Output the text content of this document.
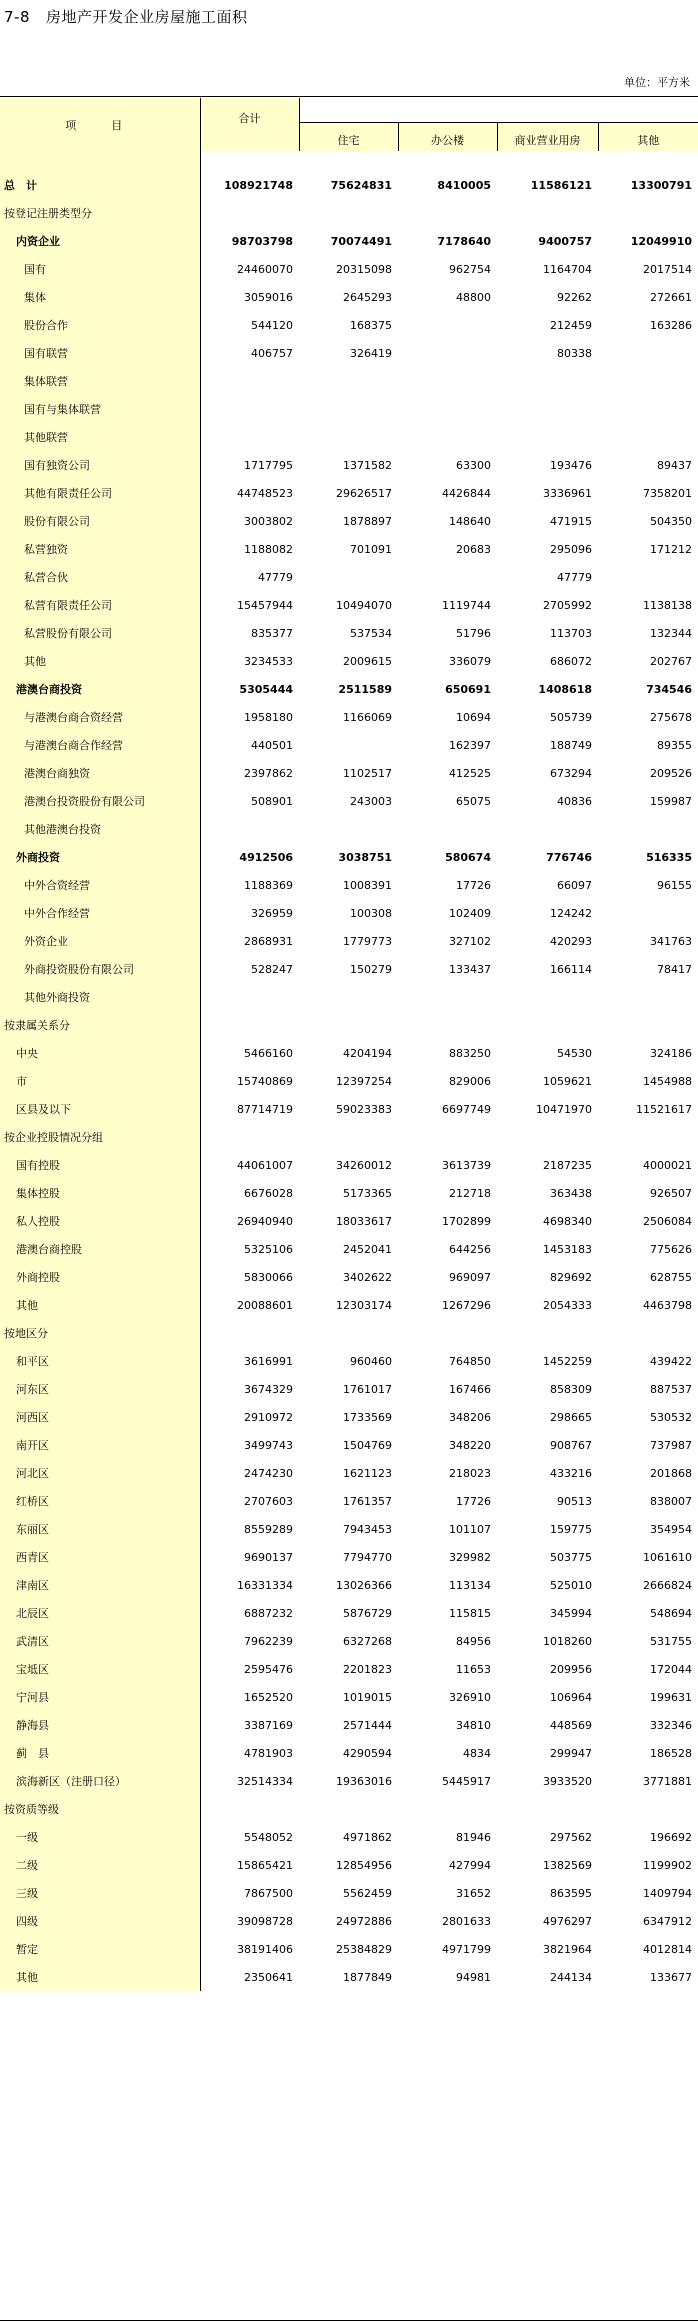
7-8 房地产开发企业房屋施工面积
单位：平方米
项　目	合计				
		住宅	办公楼	商业营业用房	其他

总　计	108921748	75624831	8410005	11586121	13300791
按登记注册类型分					
内资企业	98703798	70074491	7178640	9400757	12049910
国有	24460070	20315098	962754	1164704	2017514
集体	3059016	2645293	48800	92262	272661
股份合作	544120	168375		212459	163286
国有联营	406757	326419		80338	
集体联营					
国有与集体联营					
其他联营					
国有独资公司	1717795	1371582	63300	193476	89437
其他有限责任公司	44748523	29626517	4426844	3336961	7358201
股份有限公司	3003802	1878897	148640	471915	504350
私营独资	1188082	701091	20683	295096	171212
私营合伙	47779			47779	
私营有限责任公司	15457944	10494070	1119744	2705992	1138138
私营股份有限公司	835377	537534	51796	113703	132344
其他	3234533	2009615	336079	686072	202767
港澳台商投资	5305444	2511589	650691	1408618	734546
与港澳台商合资经营	1958180	1166069	10694	505739	275678
与港澳台商合作经营	440501		162397	188749	89355
港澳台商独资	2397862	1102517	412525	673294	209526
港澳台投资股份有限公司	508901	243003	65075	40836	159987
其他港澳台投资					
外商投资	4912506	3038751	580674	776746	516335
中外合资经营	1188369	1008391	17726	66097	96155
中外合作经营	326959	100308	102409	124242	
外资企业	2868931	1779773	327102	420293	341763
外商投资股份有限公司	528247	150279	133437	166114	78417
其他外商投资					
按隶属关系分					
中央	5466160	4204194	883250	54530	324186
市	15740869	12397254	829006	1059621	1454988
区县及以下	87714719	59023383	6697749	10471970	11521617
按企业控股情况分组					
国有控股	44061007	34260012	3613739	2187235	4000021
集体控股	6676028	5173365	212718	363438	926507
私人控股	26940940	18033617	1702899	4698340	2506084
港澳台商控股	5325106	2452041	644256	1453183	775626
外商控股	5830066	3402622	969097	829692	628755
其他	20088601	12303174	1267296	2054333	4463798
按地区分					
和平区	3616991	960460	764850	1452259	439422
河东区	3674329	1761017	167466	858309	887537
河西区	2910972	1733569	348206	298665	530532
南开区	3499743	1504769	348220	908767	737987
河北区	2474230	1621123	218023	433216	201868
红桥区	2707603	1761357	17726	90513	838007
东丽区	8559289	7943453	101107	159775	354954
西青区	9690137	7794770	329982	503775	1061610
津南区	16331334	13026366	113134	525010	2666824
北辰区	6887232	5876729	115815	345994	548694
武清区	7962239	6327268	84956	1018260	531755
宝坻区	2595476	2201823	11653	209956	172044
宁河县	1652520	1019015	326910	106964	199631
静海县	3387169	2571444	34810	448569	332346
蓟　县	4781903	4290594	4834	299947	186528
滨海新区（注册口径）	32514334	19363016	5445917	3933520	3771881
按资质等级					
一级	5548052	4971862	81946	297562	196692
二级	15865421	12854956	427994	1382569	1199902
三级	7867500	5562459	31652	863595	1409794
四级	39098728	24972886	2801633	4976297	6347912
暂定	38191406	25384829	4971799	3821964	4012814
其他	2350641	1877849	94981	244134	133677
